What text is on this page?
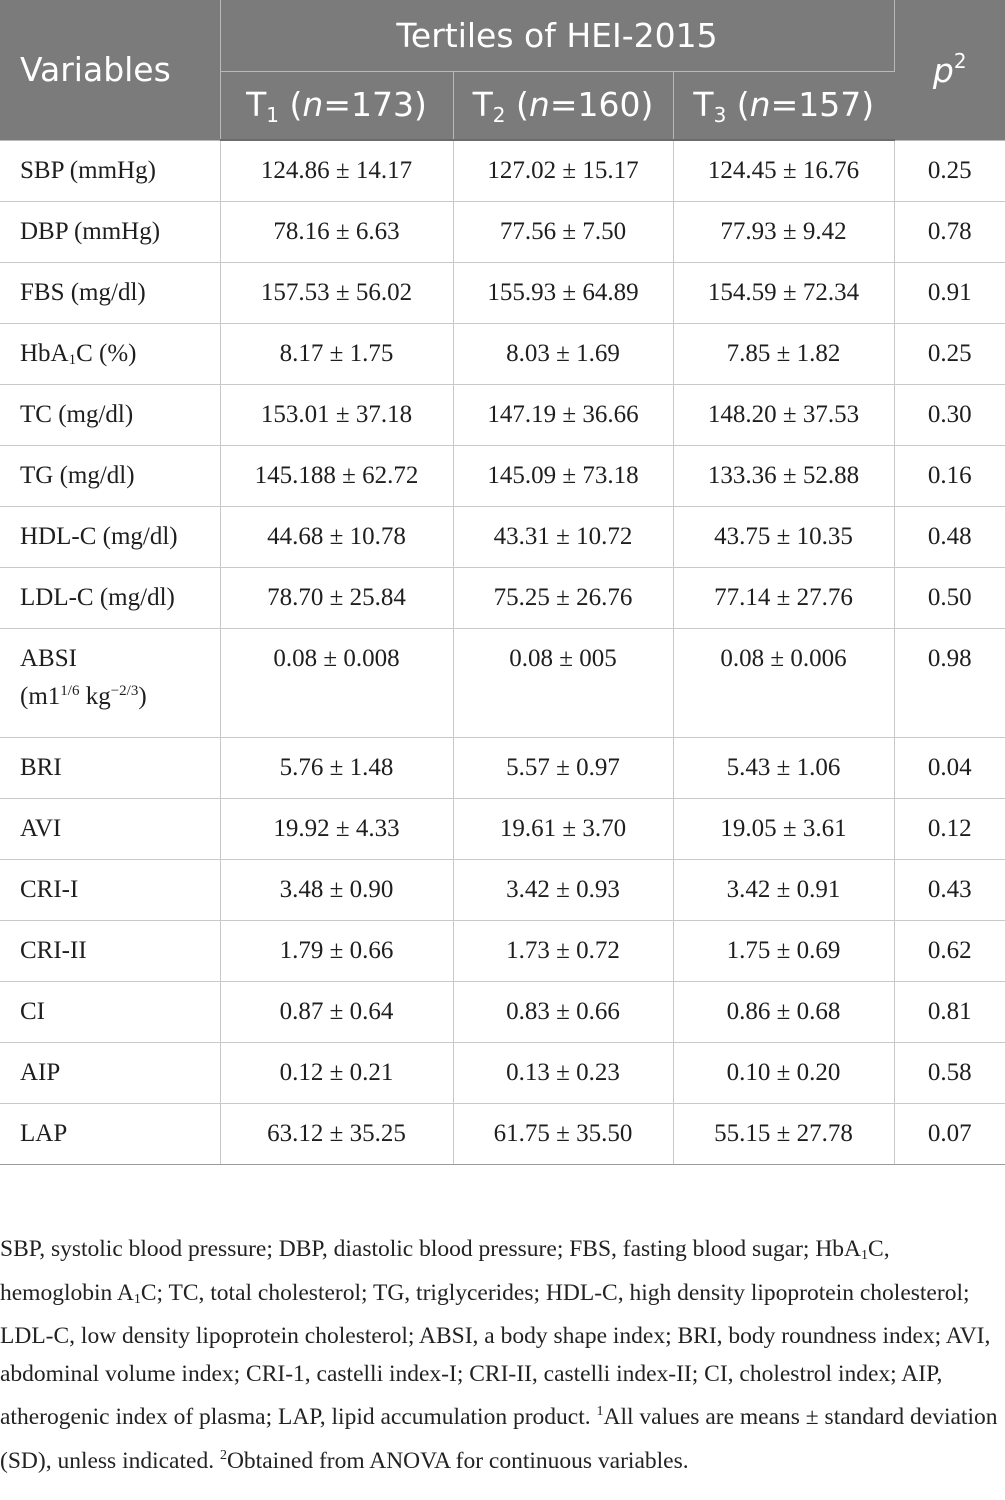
Variables	Tertiles of HEI-2015			$p^2$
	$T_1$ (n=173)	$T_2$ (n=160)	$T_3$ (n=157)	
SBP (mmHg)	124.86 ± 14.17	127.02 ± 15.17	124.45 ± 16.76	0.25
DBP (mmHg)	78.16 ± 6.63	77.56 ± 7.50	77.93 ± 9.42	0.78
FBS (mg/dl)	157.53 ± 56.02	155.93 ± 64.89	154.59 ± 72.34	0.91
HbA1C (%)	8.17 ± 1.75	8.03 ± 1.69	7.85 ± 1.82	0.25
TC (mg/dl)	153.01 ± 37.18	147.19 ± 36.66	148.20 ± 37.53	0.30
TG (mg/dl)	145.188 ± 62.72	145.09 ± 73.18	133.36 ± 52.88	0.16
HDL-C (mg/dl)	44.68 ± 10.78	43.31 ± 10.72	43.75 ± 10.35	0.48
LDL-C (mg/dl)	78.70 ± 25.84	75.25 ± 26.76	77.14 ± 27.76	0.50

ABSI
($m1^{1/6}$ $kg^{-2/3}$)	0.08 ± 0.008	0.08 ± 005	0.08 ± 0.006	0.98
BRI	5.76 ± 1.48	5.57 ± 0.97	5.43 ± 1.06	0.04
AVI	19.92 ± 4.33	19.61 ± 3.70	19.05 ± 3.61	0.12
CRI-I	3.48 ± 0.90	3.42 ± 0.93	3.42 ± 0.91	0.43
CRI-II	1.79 ± 0.66	1.73 ± 0.72	1.75 ± 0.69	0.62
CI	0.87 ± 0.64	0.83 ± 0.66	0.86 ± 0.68	0.81
AIP	0.12 ± 0.21	0.13 ± 0.23	0.10 ± 0.20	0.58
LAP	63.12 ± 35.25	61.75 ± 35.50	55.15 ± 27.78	0.07
SBP, systolic blood pressure; DBP, diastolic blood pressure; FBS, fasting blood sugar; HbA1C, hemoglobin A1C; TC, total cholesterol; TG, triglycerides; HDL-C, high density lipoprotein cholesterol; LDL-C, low density lipoprotein cholesterol; ABSI, a body shape index; BRI, body roundness index; AVI, abdominal volume index; CRI-1, castelli index-I; CRI-II, castelli index-II; CI, cholestrol index; AIP, atherogenic index of plasma; LAP, lipid accumulation product. $^1$All values are means ± standard deviation (SD), unless indicated. $^2$Obtained from ANOVA for continuous variables.
